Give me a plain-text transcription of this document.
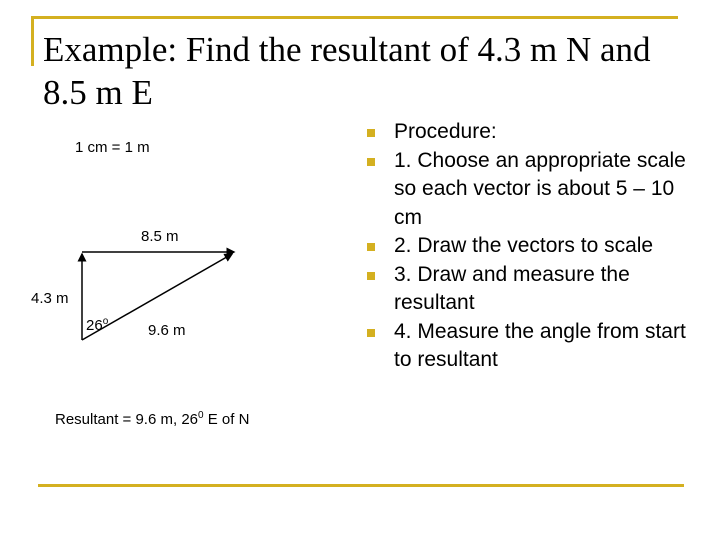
Example: Find the resultant of 4.3 m N and 8.5 m E
1 cm = 1 m
8.5 m
4.3 m
26$^o$
9.6 m
Resultant = 9.6 m, $26^0$ E of N
Procedure:
1. Choose an appropriate scale so each vector is about 5 – 10 cm
2. Draw the vectors to scale
3. Draw and measure the resultant
4. Measure the angle from start to resultant
